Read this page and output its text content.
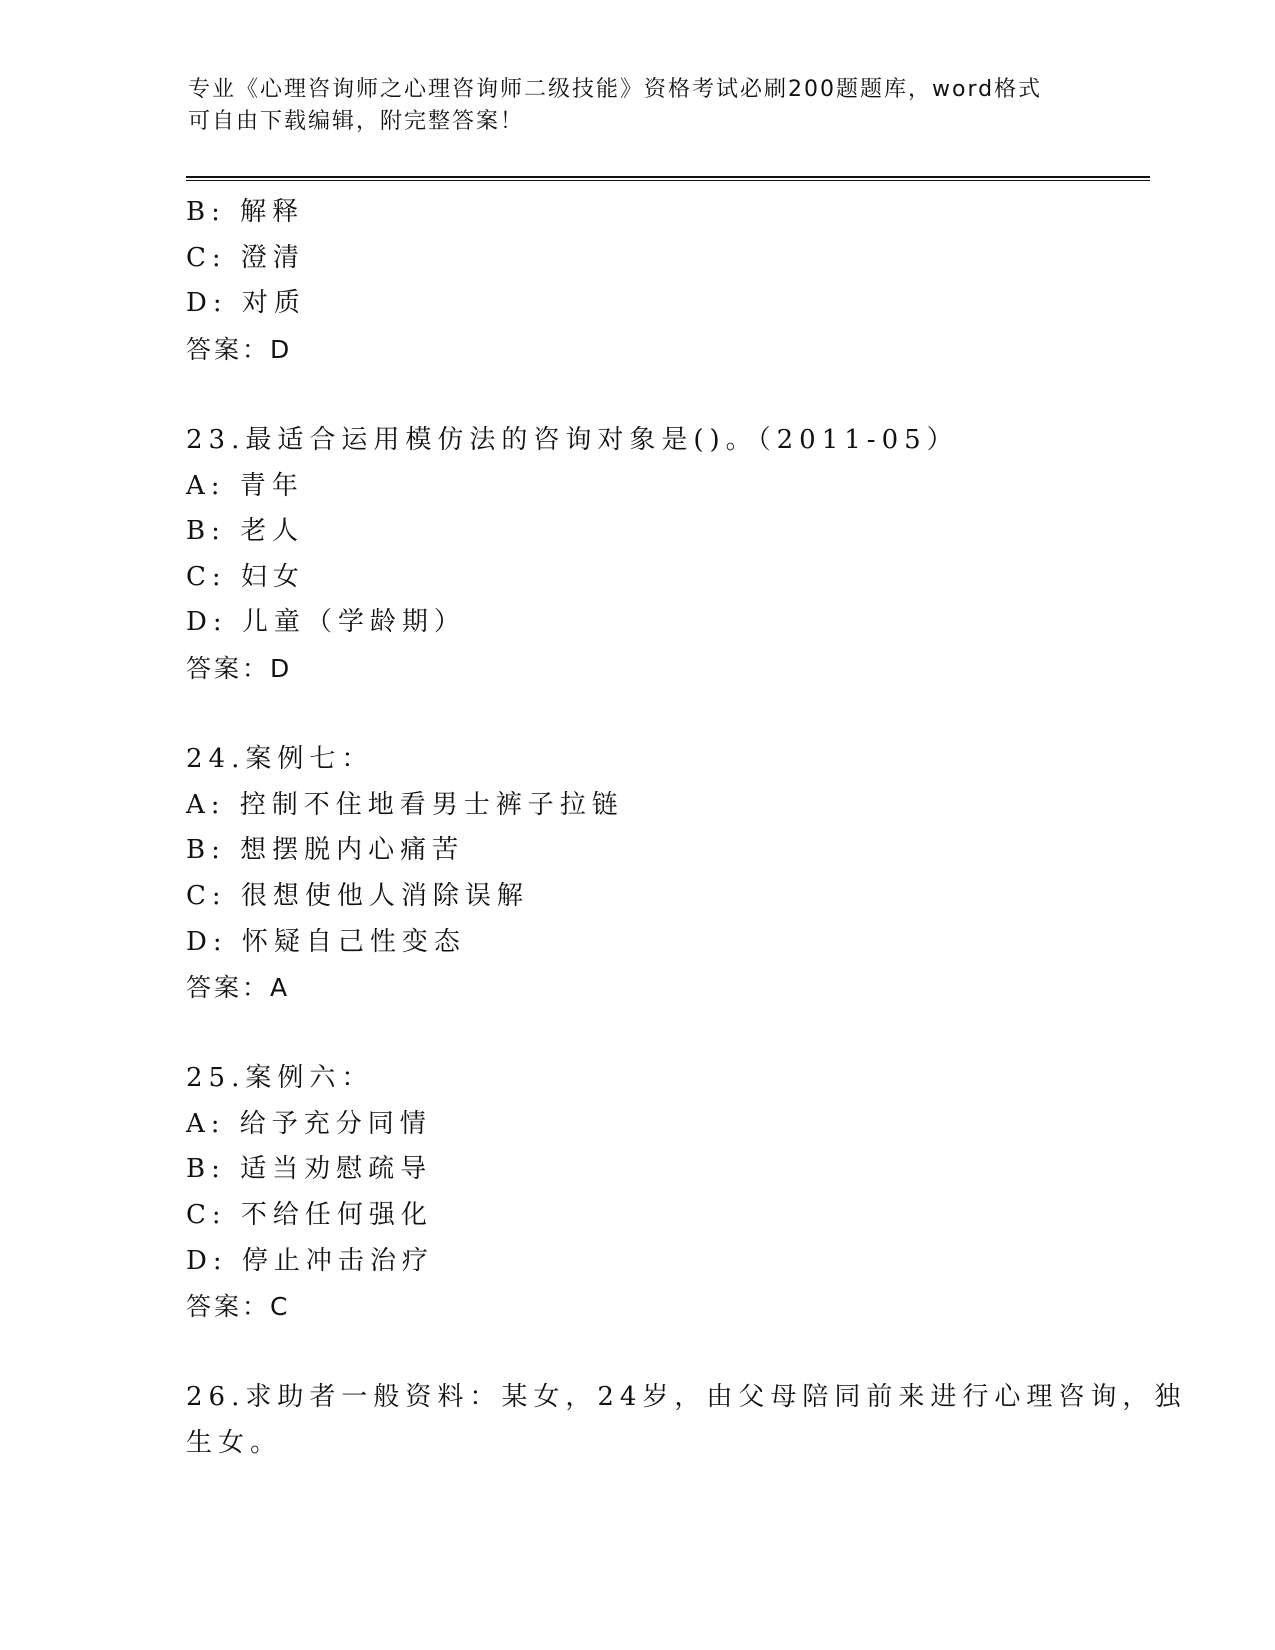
专业《心理咨询师之心理咨询师二级技能》资格考试必刷200题题库，word格式
可自由下载编辑，附完整答案！
B: 解释
C: 澄清
D: 对质
答案：D
23.最适合运用模仿法的咨询对象是()。（2011-05）
A: 青年
B: 老人
C: 妇女
D: 儿童（学龄期）
答案：D
24.案例七：
A: 控制不住地看男士裤子拉链
B: 想摆脱内心痛苦
C: 很想使他人消除误解
D: 怀疑自己性变态
答案：A
25.案例六：
A: 给予充分同情
B: 适当劝慰疏导
C: 不给任何强化
D: 停止冲击治疗
答案：C
26.求助者一般资料：某女，24岁，由父母陪同前来进行心理咨询，独
生女。
